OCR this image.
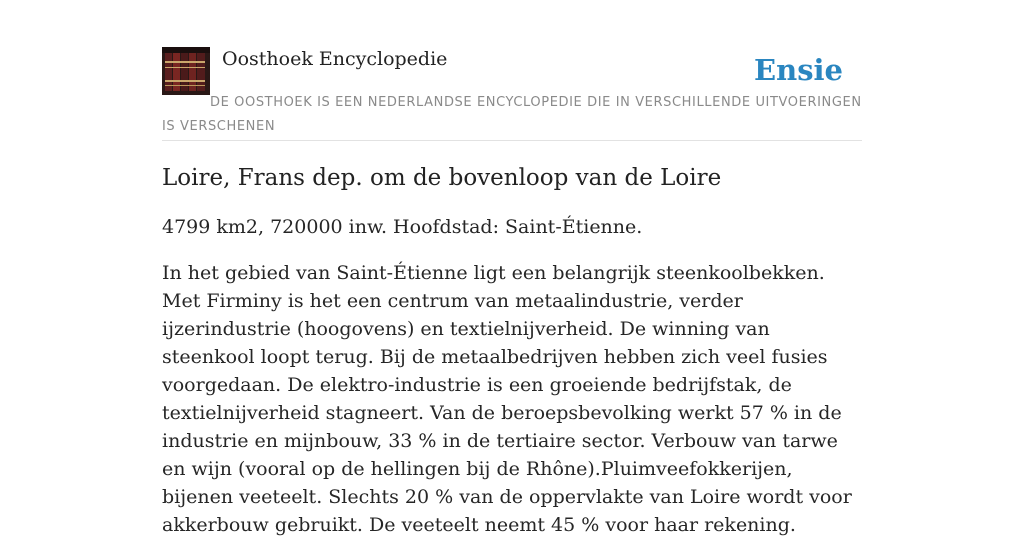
Oosthoek Encyclopedie	Ensie

DE OOSTHOEK IS EEN NEDERLANDSE ENCYCLOPEDIE DIE IN VERSCHILLENDE UITVOERINGEN IS VERSCHENEN

Loire, Frans dep. om de bovenloop van de Loire

4799 km2, 720000 inw. Hoofdstad: Saint-Étienne.

In het gebied van Saint-Étienne ligt een belangrijk steenkoolbekken. Met Firminy is het een centrum van metaalindustrie, verder ijzerindustrie (hoogovens) en textielnijverheid. De winning van steenkool loopt terug. Bij de metaalbedrijven hebben zich veel fusies voorgedaan. De elektro-industrie is een groeiende bedrijfstak, de textielnijverheid stagneert. Van de beroepsbevolking werkt 57 % in de industrie en mijnbouw, 33 % in de tertiaire sector. Verbouw van tarwe en wijn (vooral op de hellingen bij de Rhône).Pluimveefokkerijen, bijenen veeteelt. Slechts 20 % van de oppervlakte van Loire wordt voor akkerbouw gebruikt. De veeteelt neemt 45 % voor haar rekening.
